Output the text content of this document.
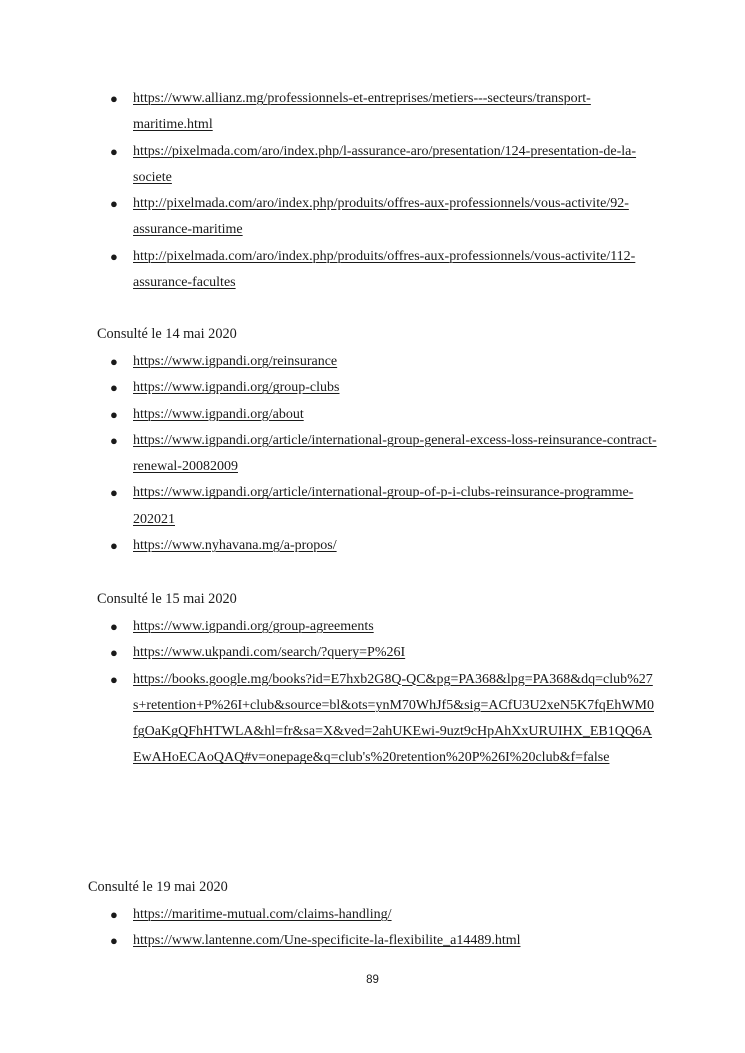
● https://www.allianz.mg/professionnels-et-entreprises/metiers---secteurs/transport-maritime.html
● https://pixelmada.com/aro/index.php/l-assurance-aro/presentation/124-presentation-de-la-societe
● http://pixelmada.com/aro/index.php/produits/offres-aux-professionnels/vous-activite/92-assurance-maritime
● http://pixelmada.com/aro/index.php/produits/offres-aux-professionnels/vous-activite/112-assurance-facultes

Consulté le 14 mai 2020

● https://www.igpandi.org/reinsurance
● https://www.igpandi.org/group-clubs
● https://www.igpandi.org/about
● https://www.igpandi.org/article/international-group-general-excess-loss-reinsurance-contract-renewal-20082009
● https://www.igpandi.org/article/international-group-of-p-i-clubs-reinsurance-programme-202021
● https://www.nyhavana.mg/a-propos/

Consulté le 15 mai 2020

● https://www.igpandi.org/group-agreements
● https://www.ukpandi.com/search/?query=P%26I
● https://books.google.mg/books?id=E7hxb2G8Q-QC&pg=PA368&lpg=PA368&dq=club%27s+retention+P%26I+club&source=bl&ots=ynM70WhJf5&sig=ACfU3U2xeN5K7fqEhWM0fgOaKgQFhHTWLA&hl=fr&sa=X&ved=2ahUKEwi-9uzt9cHpAhXxURUIHX_EB1QQ6AEwAHoECAoQAQ#v=onepage&q=club's%20retention%20P%26I%20club&f=false

Consulté le 19 mai 2020

● https://maritime-mutual.com/claims-handling/
● https://www.lantenne.com/Une-specificite-la-flexibilite_a14489.html
89
